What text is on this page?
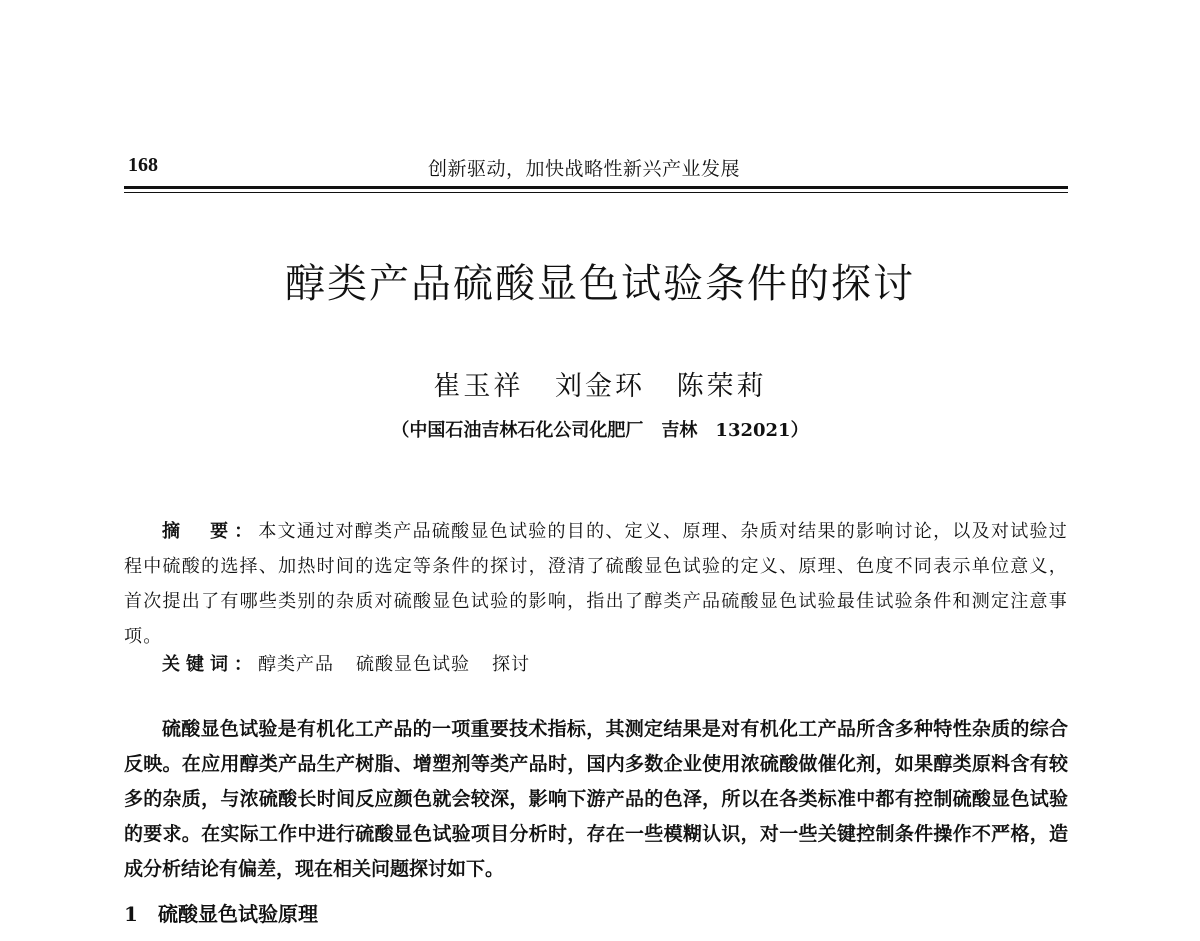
168	创新驱动，加快战略性新兴产业发展
醇类产品硫酸显色试验条件的探讨
崔玉祥 刘金环 陈荣莉
（中国石油吉林石化公司化肥厂　吉林　132021）
摘　要：本文通过对醇类产品硫酸显色试验的目的、定义、原理、杂质对结果的影响讨论，以及对试验过程中硫酸的选择、加热时间的选定等条件的探讨，澄清了硫酸显色试验的定义、原理、色度不同表示单位意义，首次提出了有哪些类别的杂质对硫酸显色试验的影响，指出了醇类产品硫酸显色试验最佳试验条件和测定注意事项。
关键词：醇类产品 硫酸显色试验 探讨
硫酸显色试验是有机化工产品的一项重要技术指标，其测定结果是对有机化工产品所含多种特性杂质的综合反映。在应用醇类产品生产树脂、增塑剂等类产品时，国内多数企业使用浓硫酸做催化剂，如果醇类原料含有较多的杂质，与浓硫酸长时间反应颜色就会较深，影响下游产品的色泽，所以在各类标准中都有控制硫酸显色试验的要求。在实际工作中进行硫酸显色试验项目分析时，存在一些模糊认识，对一些关键控制条件操作不严格，造成分析结论有偏差，现在相关问题探讨如下。
1 硫酸显色试验原理
